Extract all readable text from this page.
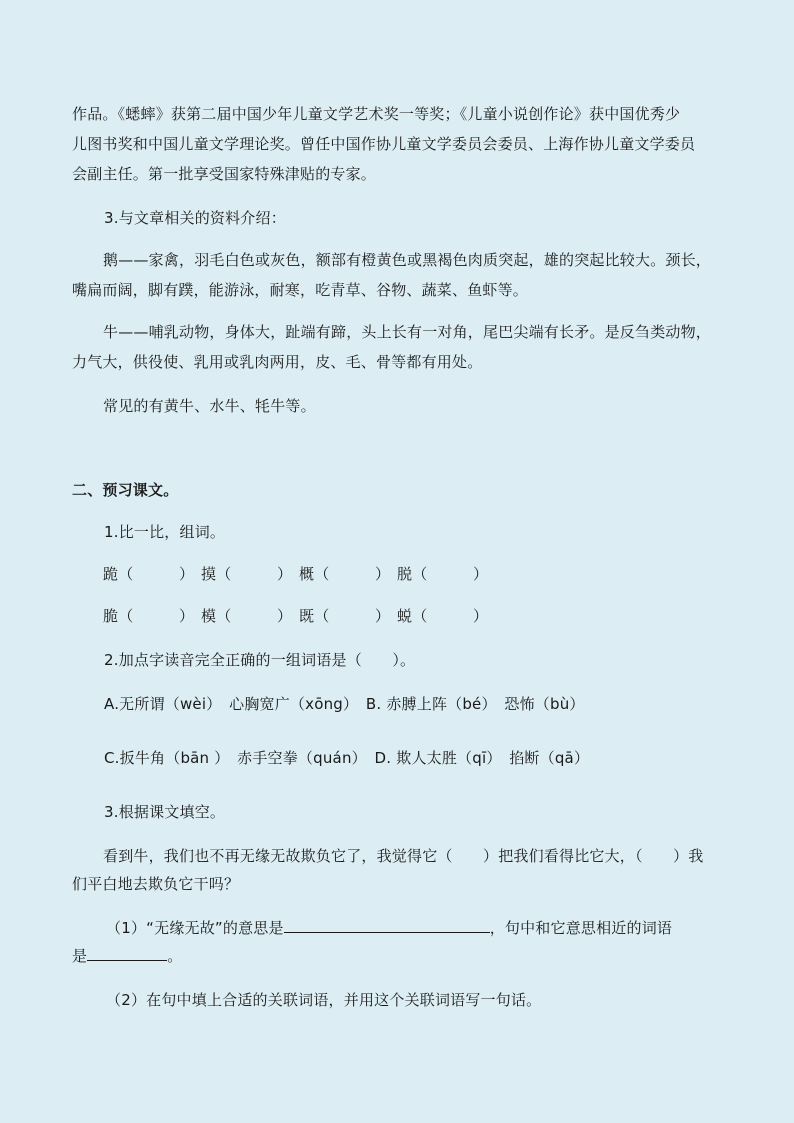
作品。《蟋蟀》获第二届中国少年儿童文学艺术奖一等奖；《儿童小说创作论》获中国优秀少
儿图书奖和中国儿童文学理论奖。曾任中国作协儿童文学委员会委员、上海作协儿童文学委员
会副主任。第一批享受国家特殊津贴的专家。
3.与文章相关的资料介绍：
鹅——家禽，羽毛白色或灰色，额部有橙黄色或黑褐色肉质突起，雄的突起比较大。颈长，
嘴扁而阔，脚有蹼，能游泳，耐寒，吃青草、谷物、蔬菜、鱼虾等。
牛——哺乳动物，身体大，趾端有蹄，头上长有一对角，尾巴尖端有长矛。是反刍类动物，
力气大，供役使、乳用或乳肉两用，皮、毛、骨等都有用处。
常见的有黄牛、水牛、牦牛等。
二、预习课文。
1.比一比，组词。
跪（　　　） 摸（　　　） 概（　　　） 脱（　　　）
脆（　　　） 模（　　　） 既（　　　） 蜕（　　　）
2.加点字读音完全正确的一组词语是（　　）。
A.无所谓（wèi）　心胸宽广（xōng）　B. 赤膊上阵（bé）　恐怖（bù）
C.扳牛角（bān ）　赤手空拳（quán）　D. 欺人太胜（qī）　掐断（qā）
3.根据课文填空。
看到牛，我们也不再无缘无故欺负它了，我觉得它（　　）把我们看得比它大，（　　）我
们平白地去欺负它干吗？
（1）“无缘无故”的意思是	，句中和它意思相近的词语
是	。
（2）在句中填上合适的关联词语，并用这个关联词语写一句话。
